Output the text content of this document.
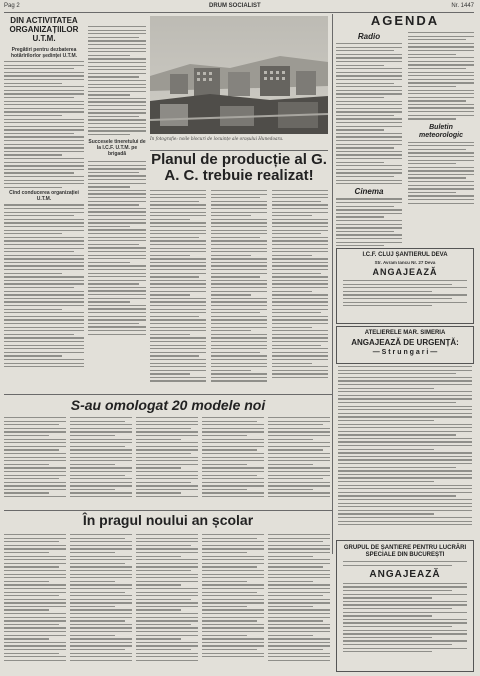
Pag 2	DRUM SOCIALIST	Nr. 1447
DIN ACTIVITATEA ORGANIZAȚIILOR U.T.M.
Pregătiri pentru dezbaterea hotărîrilorlor ședinței U.T.M.
Cînd conducerea organizației U.T.M.
Succesele tineretului de la I.C.F. U.T.M. pe brigadă
În fotografie: noile blocuri de locuințe ale orașului Hunedoara.
Planul de producție al G. A. C. trebuie realizat!
AGENDA
Radio
Cinema
Buletin meteorologic
I.C.F. CLUJ ȘANTIERUL DEVA
Str. Avram Iancu Nr. 27 Deva
ANGAJEAZĂ
ATELIERELE MAR. SIMERIA
ANGAJEAZĂ DE URGENȚĂ:
— S t r u n g a r i —
S-au omologat 20 modele noi
În pragul noului an școlar
GRUPUL DE ȘANTIERE PENTRU LUCRĂRI SPECIALE DIN BUCUREȘTI
ANGAJEAZĂ
